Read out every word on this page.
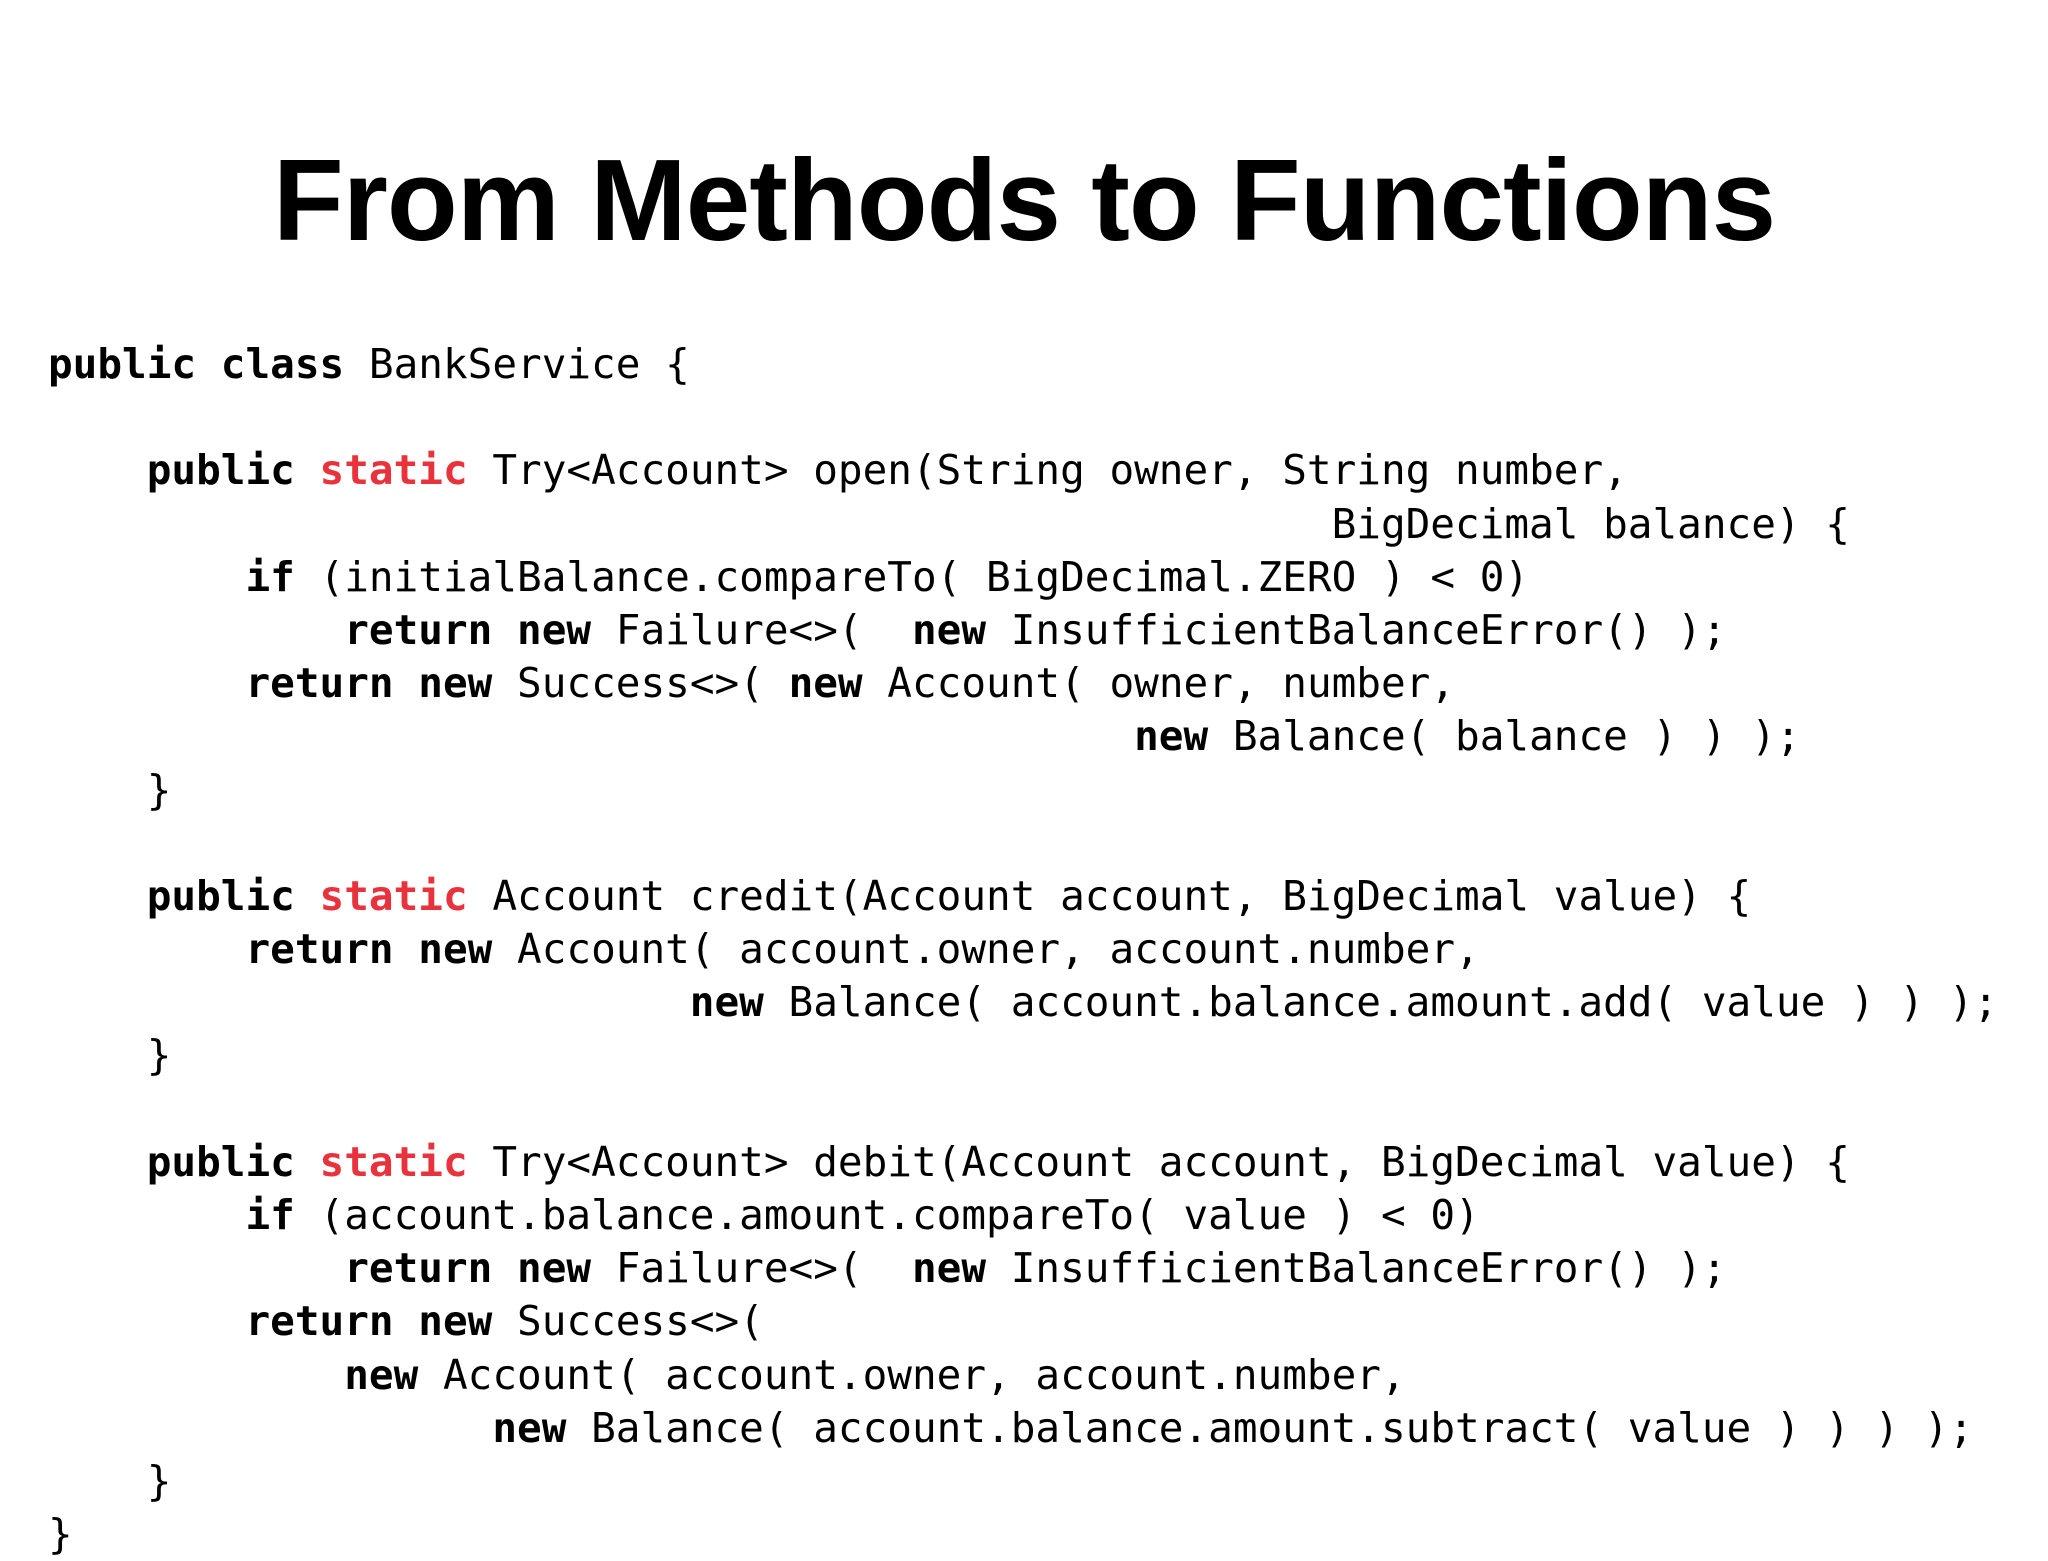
From Methods to Functions
public class BankService {

public static Try<Account> open(String owner, String number,
BigDecimal balance) {
if (initialBalance.compareTo( BigDecimal.ZERO ) < 0)
return new Failure<>(  new InsufficientBalanceError() );
return new Success<>( new Account( owner, number,
new Balance( balance ) ) );
}

public static Account credit(Account account, BigDecimal value) {
return new Account( account.owner, account.number,
new Balance( account.balance.amount.add( value ) ) );
}

public static Try<Account> debit(Account account, BigDecimal value) {
if (account.balance.amount.compareTo( value ) < 0)
return new Failure<>(  new InsufficientBalanceError() );
return new Success<>(
new Account( account.owner, account.number,
new Balance( account.balance.amount.subtract( value ) ) ) );
}
}
